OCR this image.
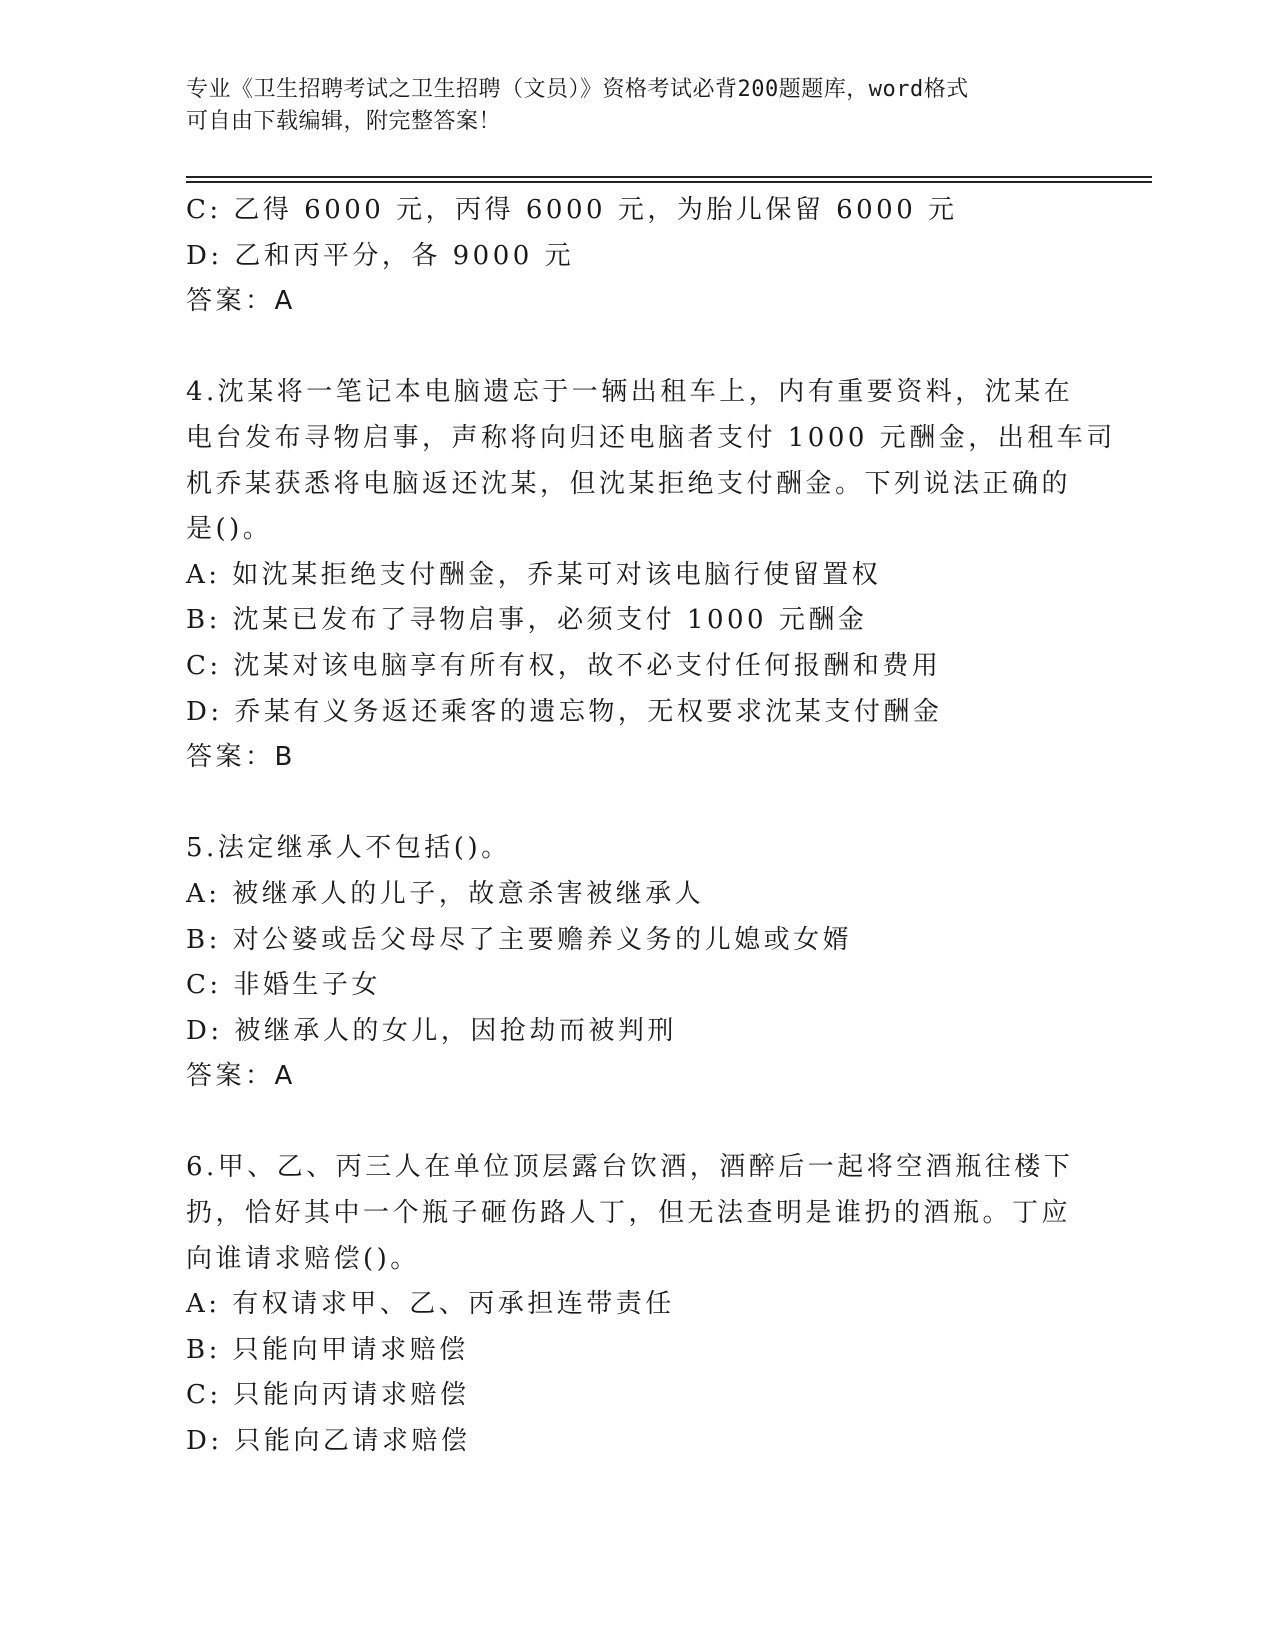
专业《卫生招聘考试之卫生招聘（文员）》资格考试必背200题题库，word格式
可自由下载编辑，附完整答案！
C: 乙得 6000 元，丙得 6000 元，为胎儿保留 6000 元
D: 乙和丙平分，各 9000 元
答案：A
4.沈某将一笔记本电脑遗忘于一辆出租车上，内有重要资料，沈某在
电台发布寻物启事，声称将向归还电脑者支付 1000 元酬金，出租车司
机乔某获悉将电脑返还沈某，但沈某拒绝支付酬金。下列说法正确的
是()。
A: 如沈某拒绝支付酬金，乔某可对该电脑行使留置权
B: 沈某已发布了寻物启事，必须支付 1000 元酬金
C: 沈某对该电脑享有所有权，故不必支付任何报酬和费用
D: 乔某有义务返还乘客的遗忘物，无权要求沈某支付酬金
答案：B
5.法定继承人不包括()。
A: 被继承人的儿子，故意杀害被继承人
B: 对公婆或岳父母尽了主要赡养义务的儿媳或女婿
C: 非婚生子女
D: 被继承人的女儿，因抢劫而被判刑
答案：A
6.甲、乙、丙三人在单位顶层露台饮酒，酒醉后一起将空酒瓶往楼下
扔，恰好其中一个瓶子砸伤路人丁，但无法查明是谁扔的酒瓶。丁应
向谁请求赔偿()。
A: 有权请求甲、乙、丙承担连带责任
B: 只能向甲请求赔偿
C: 只能向丙请求赔偿
D: 只能向乙请求赔偿
